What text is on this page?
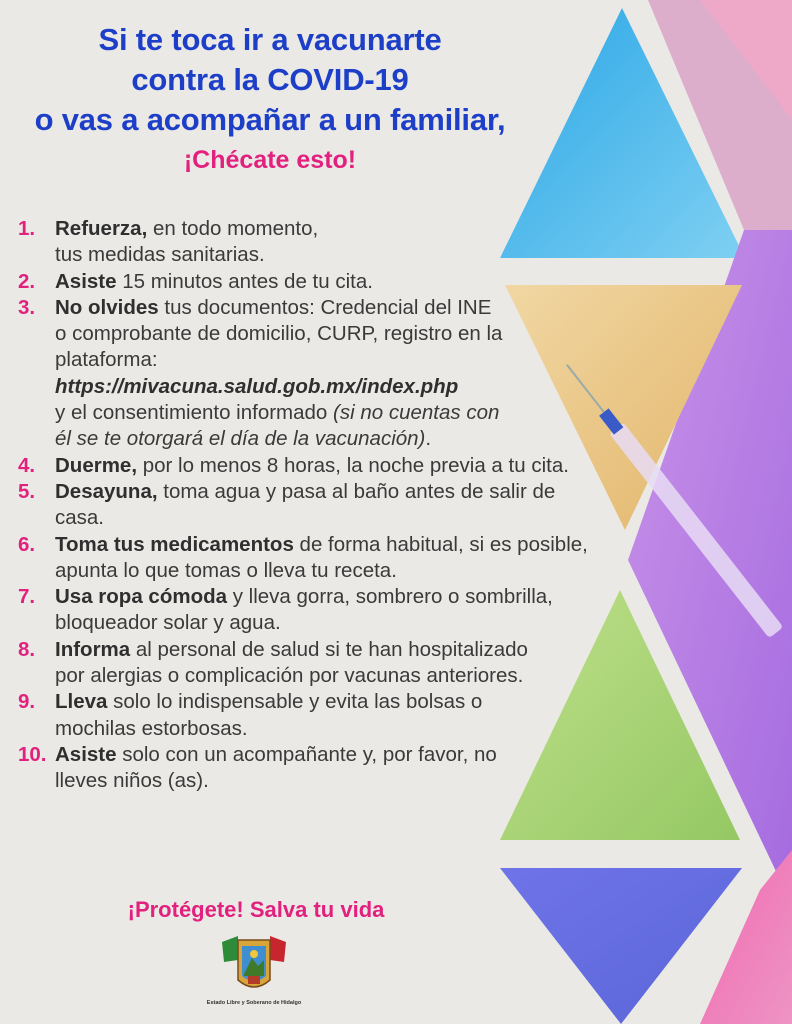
Si te toca ir a vacunarte
contra la COVID-19
o vas a acompañar a un familiar,
¡Chécate esto!
1. Refuerza, en todo momento,
tus medidas sanitarias.
2. Asiste 15 minutos antes de tu cita.
3. No olvides tus documentos: Credencial del INE o comprobante de domicilio, CURP, registro en la plataforma:
https://mivacuna.salud.gob.mx/index.php
y el consentimiento informado (si no cuentas con él se te otorgará el día de la vacunación).
4. Duerme, por lo menos 8 horas, la noche previa a tu cita.
5. Desayuna, toma agua y pasa al baño antes de salir de casa.
6. Toma tus medicamentos de forma habitual, si es posible, apunta lo que tomas o lleva tu receta.
7. Usa ropa cómoda y lleva gorra, sombrero o sombrilla, bloqueador solar y agua.
8. Informa al personal de salud si te han hospitalizado por alergias o complicación por vacunas anteriores.
9. Lleva solo lo indispensable y evita las bolsas o mochilas estorbosas.
10. Asiste solo con un acompañante y, por favor, no lleves niños (as).
¡Protégete! Salva tu vida
Estado Libre y Soberano de Hidalgo
